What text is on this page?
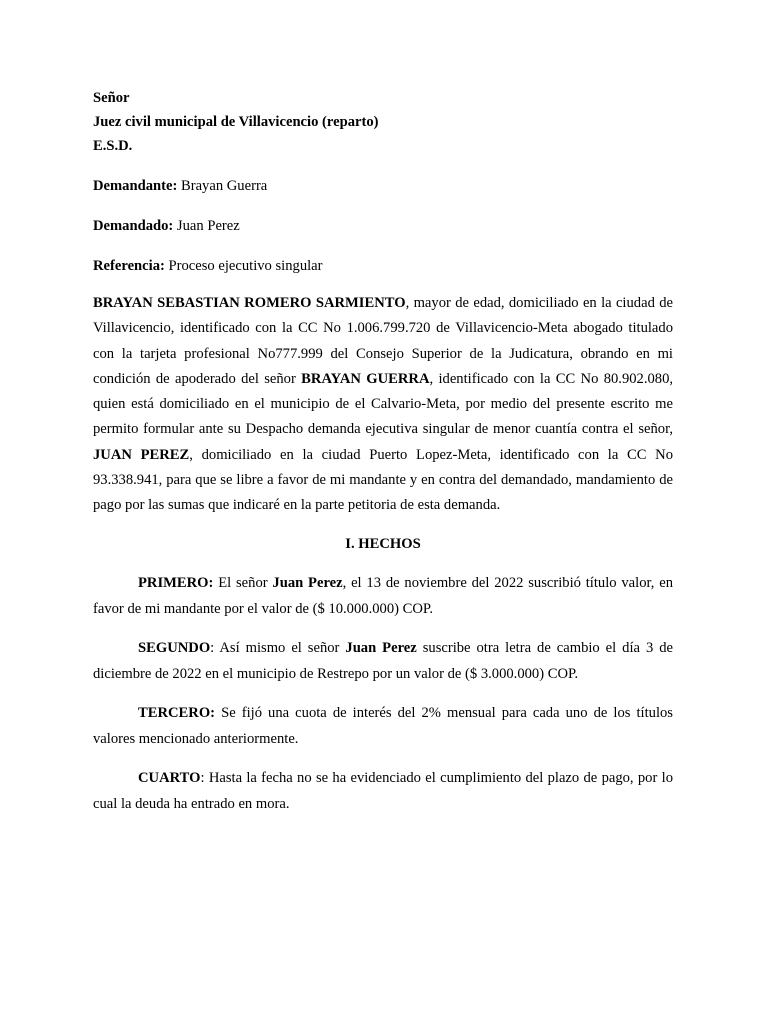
Señor

Juez civil municipal de Villavicencio (reparto)

E.S.D.

Demandante: Brayan Guerra

Demandado: Juan Perez

Referencia: Proceso ejecutivo singular

BRAYAN SEBASTIAN ROMERO SARMIENTO, mayor de edad, domiciliado en la ciudad de Villavicencio, identificado con la CC No 1.006.799.720 de Villavicencio-Meta abogado titulado con la tarjeta profesional No777.999 del Consejo Superior de la Judicatura, obrando en mi condición de apoderado del señor BRAYAN GUERRA, identificado con la CC No 80.902.080, quien está domiciliado en el municipio de el Calvario-Meta, por medio del presente escrito me permito formular ante su Despacho demanda ejecutiva singular de menor cuantía contra el señor, JUAN PEREZ, domiciliado en la ciudad Puerto Lopez-Meta, identificado con la CC No 93.338.941, para que se libre a favor de mi mandante y en contra del demandado, mandamiento de pago por las sumas que indicaré en la parte petitoria de esta demanda.

I. HECHOS

PRIMERO: El señor Juan Perez, el 13 de noviembre del 2022 suscribió título valor, en favor de mi mandante por el valor de ($ 10.000.000) COP.

SEGUNDO: Así mismo el señor Juan Perez suscribe otra letra de cambio el día 3 de diciembre de 2022 en el municipio de Restrepo por un valor de ($ 3.000.000) COP.

TERCERO: Se fijó una cuota de interés del 2% mensual para cada uno de los títulos valores mencionado anteriormente.

CUARTO: Hasta la fecha no se ha evidenciado el cumplimiento del plazo de pago, por lo cual la deuda ha entrado en mora.
